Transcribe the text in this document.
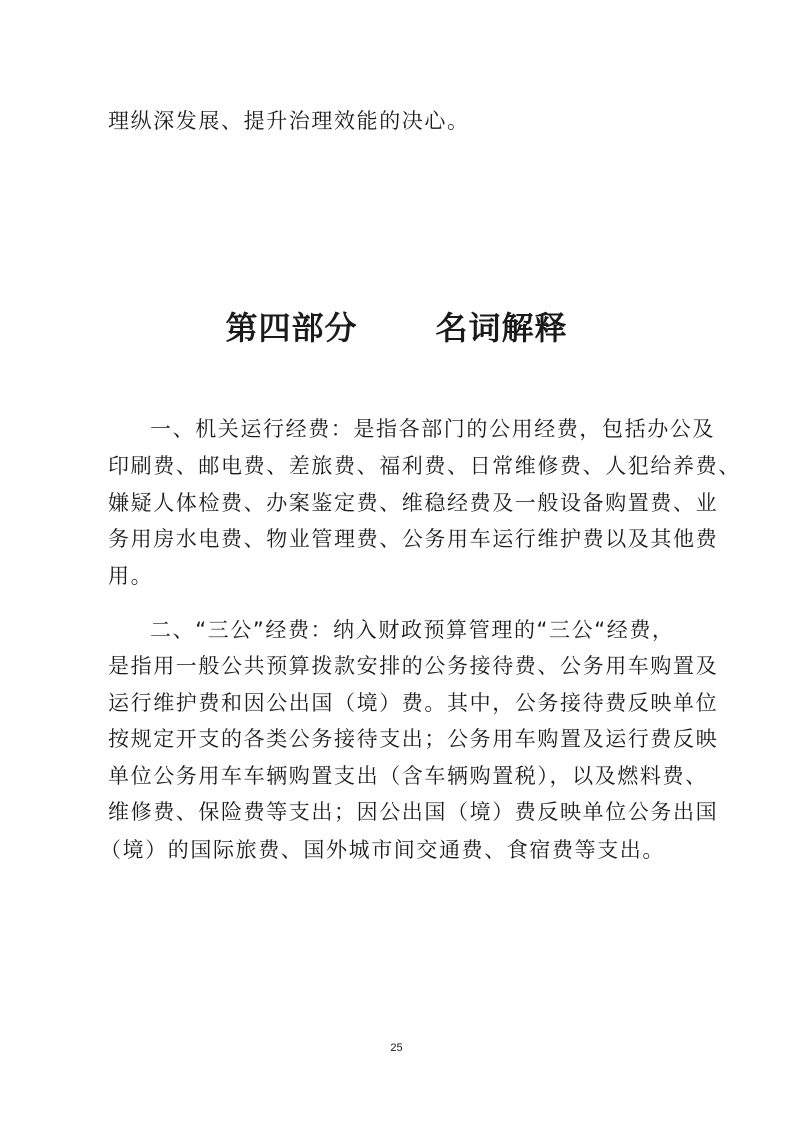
理纵深发展、提升治理效能的决心。
第四部分 名词解释
一、机关运行经费：是指各部门的公用经费，包括办公及
印刷费、邮电费、差旅费、福利费、日常维修费、人犯给养费、
嫌疑人体检费、办案鉴定费、维稳经费及一般设备购置费、业
务用房水电费、物业管理费、公务用车运行维护费以及其他费
用。
二、“三公”经费：纳入财政预算管理的“三公“经费，
是指用一般公共预算拨款安排的公务接待费、公务用车购置及
运行维护费和因公出国（境）费。其中，公务接待费反映单位
按规定开支的各类公务接待支出；公务用车购置及运行费反映
单位公务用车车辆购置支出（含车辆购置税），以及燃料费、
维修费、保险费等支出；因公出国（境）费反映单位公务出国
（境）的国际旅费、国外城市间交通费、食宿费等支出。
25
